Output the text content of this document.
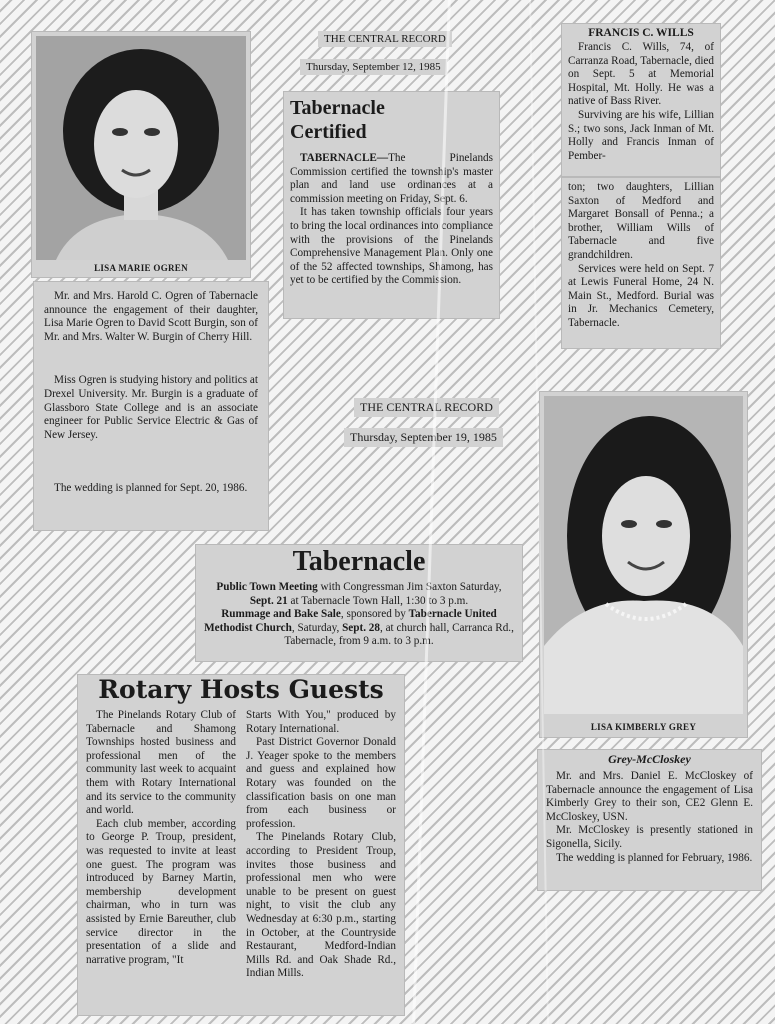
LISA MARIE OGREN

Mr. and Mrs. Harold C. Ogren of Tabernacle announce the engagement of their daughter, Lisa Marie Ogren to David Scott Burgin, son of Mr. and Mrs. Walter W. Burgin of Cherry Hill.

Miss Ogren is studying history and politics at Drexel University. Mr. Burgin is a graduate of Glassboro State College and is an associate engineer for Public Service Electric & Gas of New Jersey.

The wedding is planned for Sept. 20, 1986.

THE CENTRAL RECORD
Thursday, September 12, 1985
Tabernacle Certified

TABERNACLE—The Pinelands Commission certified the township's master plan and land use ordinances at a commission meeting on Friday, Sept. 6.

It has taken township officials four years to bring the local ordinances into compliance with the provisions of the Pinelands Comprehensive Management Plan. Only one of the 52 affected townships, Shamong, has yet to be certified by the Commission.

FRANCIS C. WILLS

Francis C. Wills, 74, of Carranza Road, Tabernacle, died on Sept. 5 at Memorial Hospital, Mt. Holly. He was a native of Bass River.

Surviving are his wife, Lillian S.; two sons, Jack Inman of Mt. Holly and Francis Inman of Pember-

ton; two daughters, Lillian Saxton of Medford and Margaret Bonsall of Penna.; a brother, William Wills of Tabernacle and five grandchildren.

Services were held on Sept. 7 at Lewis Funeral Home, 24 N. Main St., Medford. Burial was in Jr. Mechanics Cemetery, Tabernacle.

THE CENTRAL RECORD
Thursday, September 19, 1985
Tabernacle

Public Town Meeting with Congressman Jim Saxton Saturday, Sept. 21 at Tabernacle Town Hall, 1:30 to 3 p.m.

Rummage and Bake Sale, sponsored by Tabernacle United Methodist Church, Saturday, Sept. 28, at church hall, Carranca Rd., Tabernacle, from 9 a.m. to 3 p.m.

Rotary Hosts Guests

The Pinelands Rotary Club of Tabernacle and Shamong Townships hosted business and professional men of the community last week to acquaint them with Rotary International and its service to the community and world.

Each club member, according to George P. Troup, president, was requested to invite at least one guest. The program was introduced by Barney Martin, membership development chairman, who in turn was assisted by Ernie Bareuther, club service director in the presentation of a slide and narrative program, "It

Starts With You," produced by Rotary International.

Past District Governor Donald J. Yeager spoke to the members and guess and explained how Rotary was founded on the classification basis on one man from each business or profession.

The Pinelands Rotary Club, according to President Troup, invites those business and professional men who were unable to be present on guest night, to visit the club any Wednesday at 6:30 p.m., starting in October, at the Countryside Restaurant, Medford-Indian Mills Rd. and Oak Shade Rd., Indian Mills.

LISA KIMBERLY GREY
Grey-McCloskey

Mr. and Mrs. Daniel E. McCloskey of Tabernacle announce the engagement of Lisa Kimberly Grey to their son, CE2 Glenn E. McCloskey, USN.

Mr. McCloskey is presently stationed in Sigonella, Sicily.

The wedding is planned for February, 1986.
